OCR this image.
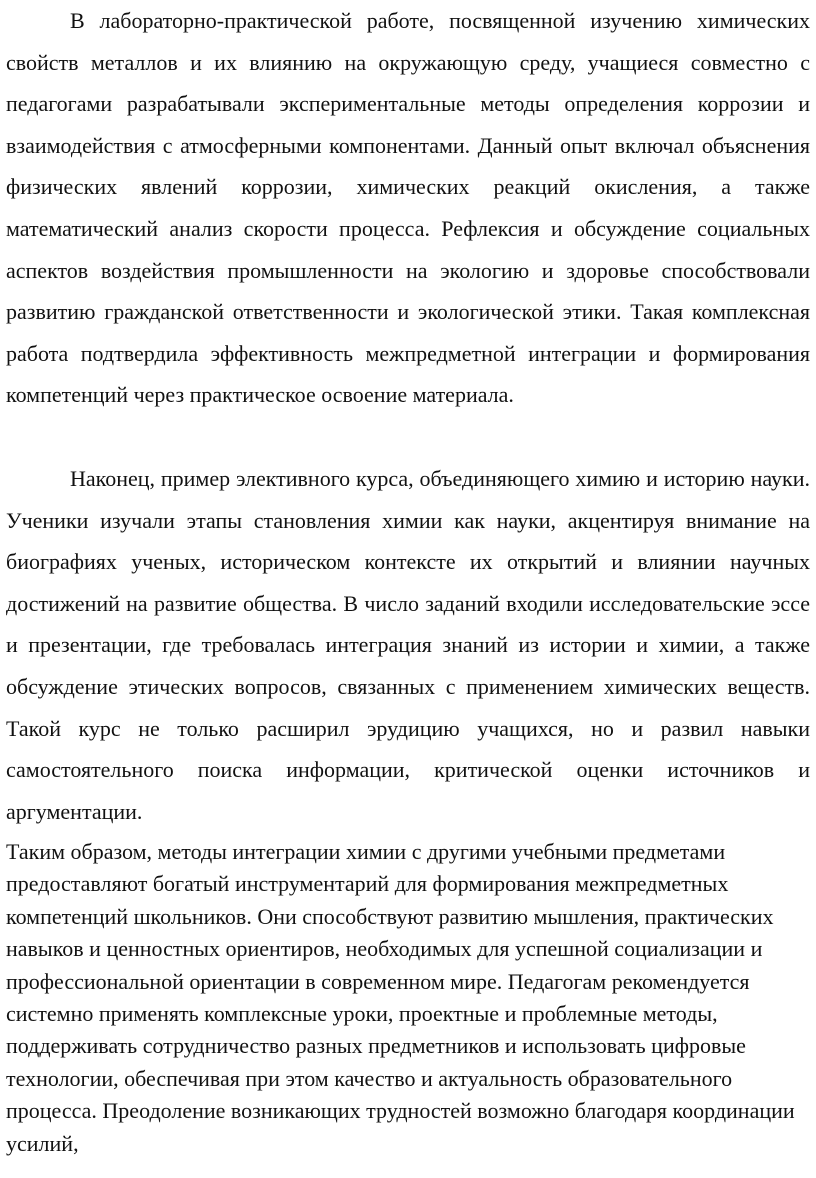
В лабораторно-практической работе, посвященной изучению химических свойств металлов и их влиянию на окружающую среду, учащиеся совместно с педагогами разрабатывали экспериментальные методы определения коррозии и взаимодействия с атмосферными компонентами. Данный опыт включал объяснения физических явлений коррозии, химических реакций окисления, а также математический анализ скорости процесса. Рефлексия и обсуждение социальных аспектов воздействия промышленности на экологию и здоровье способствовали развитию гражданской ответственности и экологической этики. Такая комплексная работа подтвердила эффективность межпредметной интеграции и формирования компетенций через практическое освоение материала.

Наконец, пример элективного курса, объединяющего химию и историю науки. Ученики изучали этапы становления химии как науки, акцентируя внимание на биографиях ученых, историческом контексте их открытий и влиянии научных достижений на развитие общества. В число заданий входили исследовательские эссе и презентации, где требовалась интеграция знаний из истории и химии, а также обсуждение этических вопросов, связанных с применением химических веществ. Такой курс не только расширил эрудицию учащихся, но и развил навыки самостоятельного поиска информации, критической оценки источников и аргументации.

Таким образом, методы интеграции химии с другими учебными предметами предоставляют богатый инструментарий для формирования межпредметных компетенций школьников. Они способствуют развитию мышления, практических навыков и ценностных ориентиров, необходимых для успешной социализации и профессиональной ориентации в современном мире. Педагогам рекомендуется системно применять комплексные уроки, проектные и проблемные методы, поддерживать сотрудничество разных предметников и использовать цифровые технологии, обеспечивая при этом качество и актуальность образовательного процесса. Преодоление возникающих трудностей возможно благодаря координации усилий,
